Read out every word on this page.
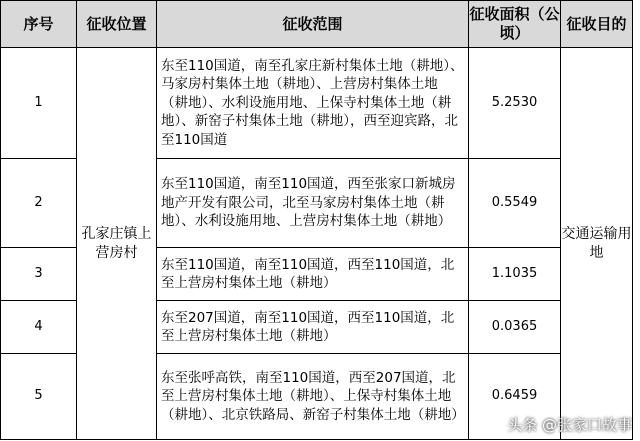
序号	征收位置	征收范围	征收面积（公顷）	征收目的
1	孔家庄镇上营房村	东至110国道，南至孔家庄新村集体土地（耕地）、马家房村集体土地（耕地）、上营房村集体土地（耕地）、水利设施用地、上保寺村集体土地（耕地）、新窑子村集体土地（耕地），西至迎宾路，北至110国道	5.2530	交通运输用地
2		东至110国道，南至110国道，西至张家口新城房地产开发有限公司，北至马家房村集体土地（耕地）、水利设施用地、上营房村集体土地（耕地）	0.5549	
3		东至110国道，南至110国道，西至110国道，北至上营房村集体土地（耕地）	1.1035	
4		东至207国道，南至110国道，西至110国道，北至上营房村集体土地（耕地）	0.0365	
5		东至张呼高铁，南至110国道，西至207国道，北至上营房村集体土地（耕地）、上保寺村集体土地（耕地）、北京铁路局、新窑子村集体土地（耕地）	0.6459	
头条 @张家口故事
